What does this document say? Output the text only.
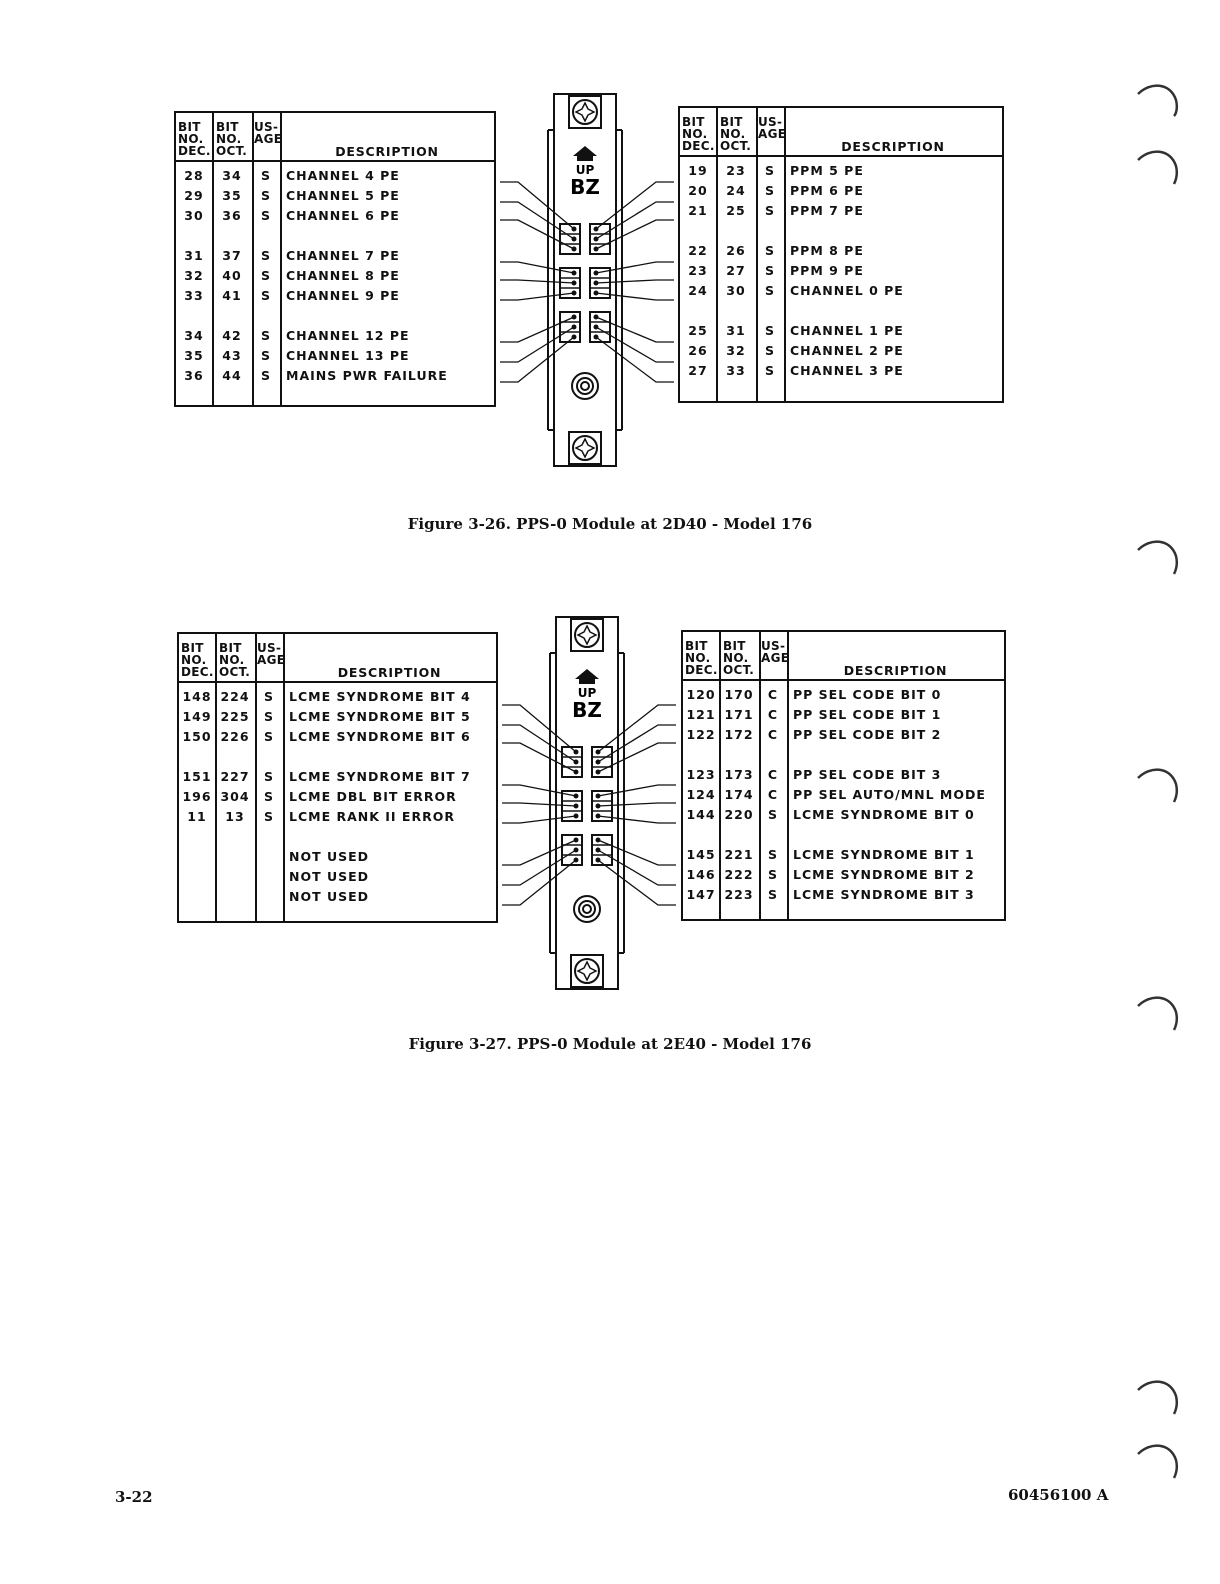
BIT NO. DEC.
BIT NO. OCT.
US- AGE
DESCRIPTION
28	34	S	CHANNEL 4 PE
29	35	S	CHANNEL 5 PE
30	36	S	CHANNEL 6 PE
31	37	S	CHANNEL 7 PE
32	40	S	CHANNEL 8 PE
33	41	S	CHANNEL 9 PE
34	42	S	CHANNEL 12 PE
35	43	S	CHANNEL 13 PE
36	44	S	MAINS PWR FAILURE
BIT NO. DEC.
BIT NO. OCT.
US- AGE
DESCRIPTION
19	23	S	PPM 5 PE
20	24	S	PPM 6 PE
21	25	S	PPM 7 PE
22	26	S	PPM 8 PE
23	27	S	PPM 9 PE
24	30	S	CHANNEL 0 PE
25	31	S	CHANNEL 1 PE
26	32	S	CHANNEL 2 PE
27	33	S	CHANNEL 3 PE
UP
BZ
Figure 3-26. PPS-0 Module at 2D40 - Model 176
BIT NO. DEC.
BIT NO. OCT.
US- AGE
DESCRIPTION
148 224	S	LCME SYNDROME BIT 4
149 225	S	LCME SYNDROME BIT 5
150 226	S	LCME SYNDROME BIT 6
151 227	S	LCME SYNDROME BIT 7
196 304	S	LCME DBL BIT ERROR
11	13	S	LCME RANK II ERROR
NOT USED
NOT USED
NOT USED
BIT NO. DEC.
BIT NO. OCT.
US- AGE
DESCRIPTION
120 170	C	PP SEL CODE BIT 0
121 171	C	PP SEL CODE BIT 1
122 172	C	PP SEL CODE BIT 2
123 173	C	PP SEL CODE BIT 3
124 174	C	PP SEL AUTO/MNL MODE
144 220	S	LCME SYNDROME BIT 0
145 221	S	LCME SYNDROME BIT 1
146 222	S	LCME SYNDROME BIT 2
147 223	S	LCME SYNDROME BIT 3
UP
BZ
Figure 3-27. PPS-0 Module at 2E40 - Model 176
3-22	60456100 A
